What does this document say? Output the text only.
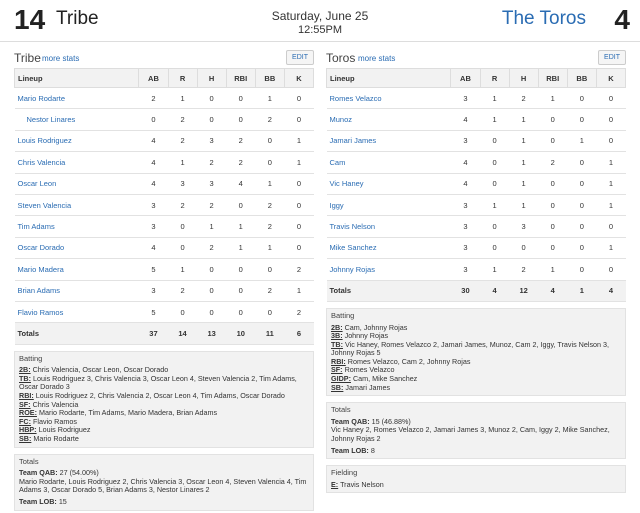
14 Tribe	Saturday, June 25
12:55PM
The Toros 4
Tribe more stats	EDIT
Lineup	AB	R	H	RBI	BB	K
Mario Rodarte	2	1	0	0	1	0
Nestor Linares	0	2	0	0	2	0
Louis Rodriguez	4	2	3	2	0	1
Chris Valencia	4	1	2	2	0	1
Oscar Leon	4	3	3	4	1	0
Steven Valencia	3	2	2	0	2	0
Tim Adams	3	0	1	1	2	0
Oscar Dorado	4	0	2	1	1	0
Mario Madera	5	1	0	0	0	2
Brian Adams	3	2	0	0	2	1
Flavio Ramos	5	0	0	0	0	2
Totals	37	14	13	10	11	6
Batting
2B: Chris Valencia, Oscar Leon, Oscar Dorado
TB: Louis Rodriguez 3, Chris Valencia 3, Oscar Leon 4, Steven Valencia 2, Tim Adams, Oscar Dorado 3
RBI: Louis Rodriguez 2, Chris Valencia 2, Oscar Leon 4, Tim Adams, Oscar Dorado
SF: Chris Valencia
ROE: Mario Rodarte, Tim Adams, Mario Madera, Brian Adams
FC: Flavio Ramos
HBP: Louis Rodriguez
SB: Mario Rodarte
Totals
Team QAB: 27 (54.00%)
Mario Rodarte, Louis Rodriguez 2, Chris Valencia 3, Oscar Leon 4, Steven Valencia 4, Tim Adams 3, Oscar Dorado 5, Brian Adams 3, Nestor Linares 2
Team LOB: 15
Toros more stats	EDIT
Lineup	AB	R	H	RBI	BB	K
Romes Velazco	3	1	2	1	0	0
Munoz	4	1	1	0	0	0
Jamari James	3	0	1	0	1	0
Cam	4	0	1	2	0	1
Vic Haney	4	0	1	0	0	1
Iggy	3	1	1	0	0	1
Travis Nelson	3	0	3	0	0	0
Mike Sanchez	3	0	0	0	0	1
Johnny Rojas	3	1	2	1	0	0
Totals	30	4	12	4	1	4
Batting
2B: Cam, Johnny Rojas
3B: Johnny Rojas
TB: Vic Haney, Romes Velazco 2, Jamari James, Munoz, Cam 2, Iggy, Travis Nelson 3, Johnny Rojas 5
RBI: Romes Velazco, Cam 2, Johnny Rojas
SF: Romes Velazco
GIDP: Cam, Mike Sanchez
SB: Jamari James
Totals
Team QAB: 15 (46.88%)
Vic Haney 2, Romes Velazco 2, Jamari James 3, Munoz 2, Cam, Iggy 2, Mike Sanchez, Johnny Rojas 2
Team LOB: 8
Fielding
E: Travis Nelson
